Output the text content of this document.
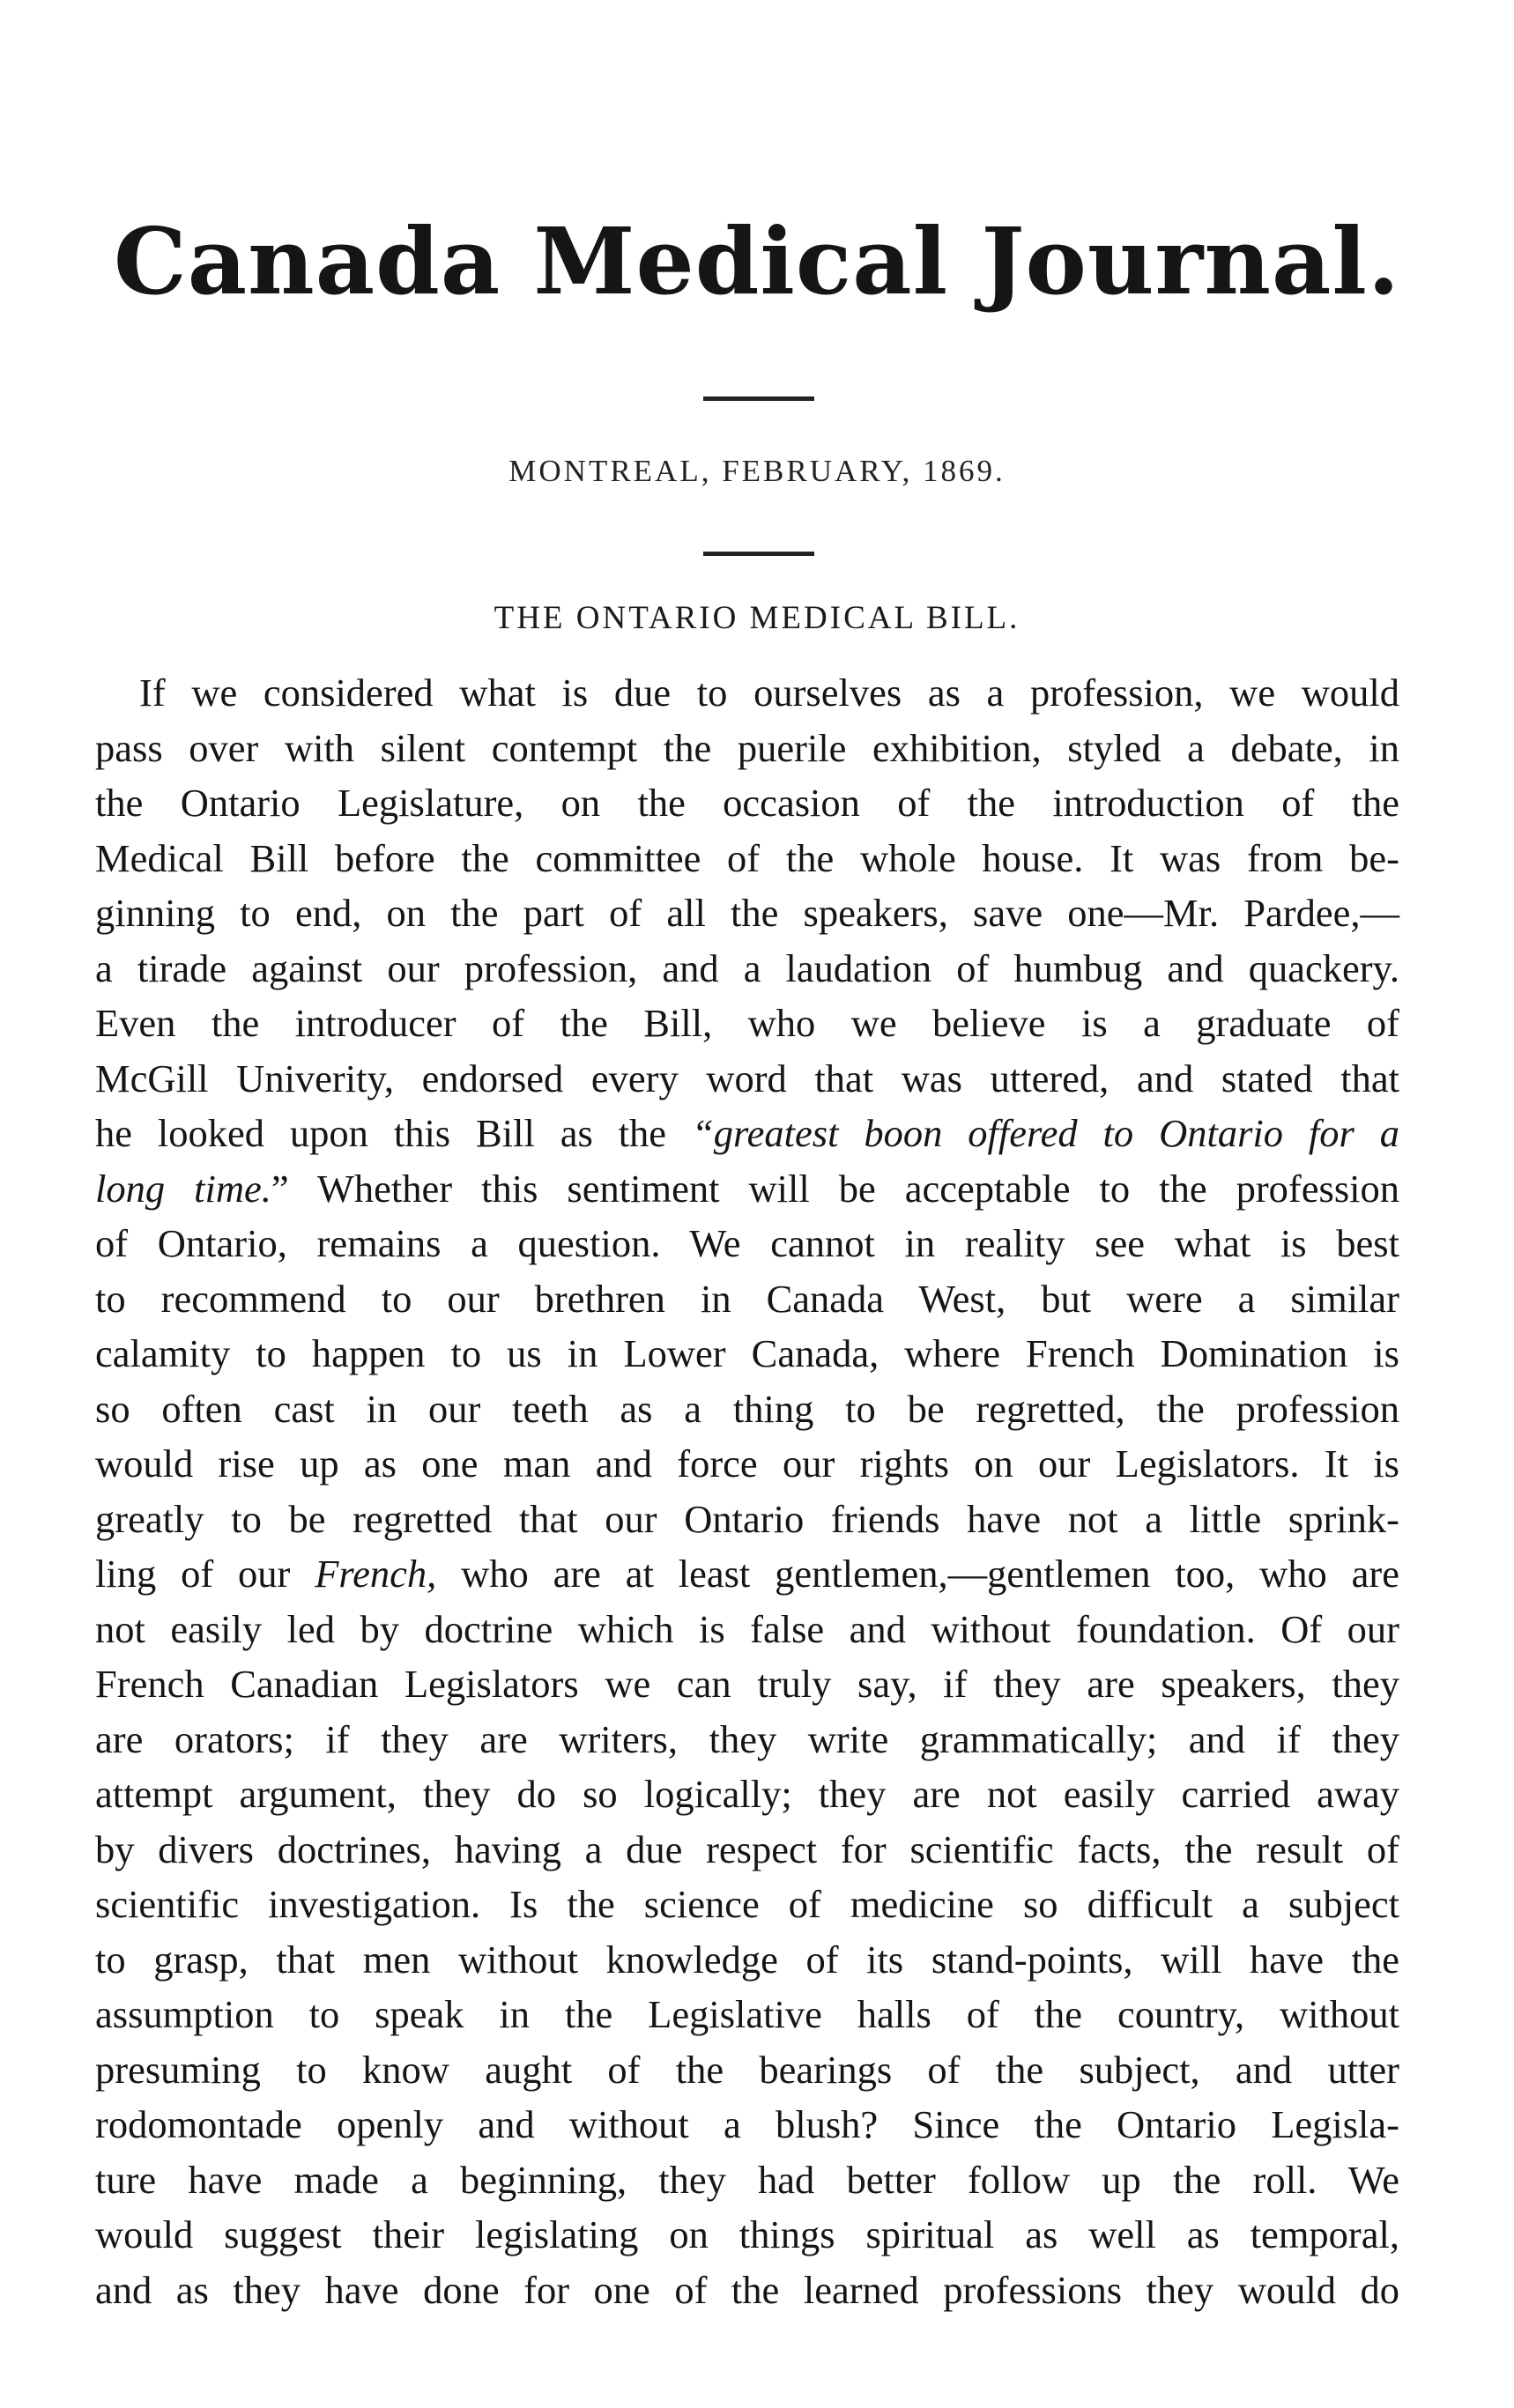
Canada Medical Journal.
MONTREAL, FEBRUARY, 1869.
THE ONTARIO MEDICAL BILL.
If we considered what is due to ourselves as a profession, we would
pass over with silent contempt the puerile exhibition, styled a debate, in
the Ontario Legislature, on the occasion of the introduction of the
Medical Bill before the committee of the whole house. It was from be-
ginning to end, on the part of all the speakers, save one—Mr. Pardee,—
a tirade against our profession, and a laudation of humbug and quackery.
Even the introducer of the Bill, who we believe is a graduate of
McGill Univerity, endorsed every word that was uttered, and stated that
he looked upon this Bill as the “greatest boon offered to Ontario for a
long time.” Whether this sentiment will be acceptable to the profession
of Ontario, remains a question. We cannot in reality see what is best
to recommend to our brethren in Canada West, but were a similar
calamity to happen to us in Lower Canada, where French Domination is
so often cast in our teeth as a thing to be regretted, the profession
would rise up as one man and force our rights on our Legislators. It is
greatly to be regretted that our Ontario friends have not a little sprink-
ling of our French, who are at least gentlemen,—gentlemen too, who are
not easily led by doctrine which is false and without foundation. Of our
French Canadian Legislators we can truly say, if they are speakers, they
are orators; if they are writers, they write grammatically; and if they
attempt argument, they do so logically; they are not easily carried away
by divers doctrines, having a due respect for scientific facts, the result of
scientific investigation. Is the science of medicine so difficult a subject
to grasp, that men without knowledge of its stand-points, will have the
assumption to speak in the Legislative halls of the country, without
presuming to know aught of the bearings of the subject, and utter
rodomontade openly and without a blush? Since the Ontario Legisla-
ture have made a beginning, they had better follow up the roll. We
would suggest their legislating on things spiritual as well as temporal,
and as they have done for one of the learned professions they would do
